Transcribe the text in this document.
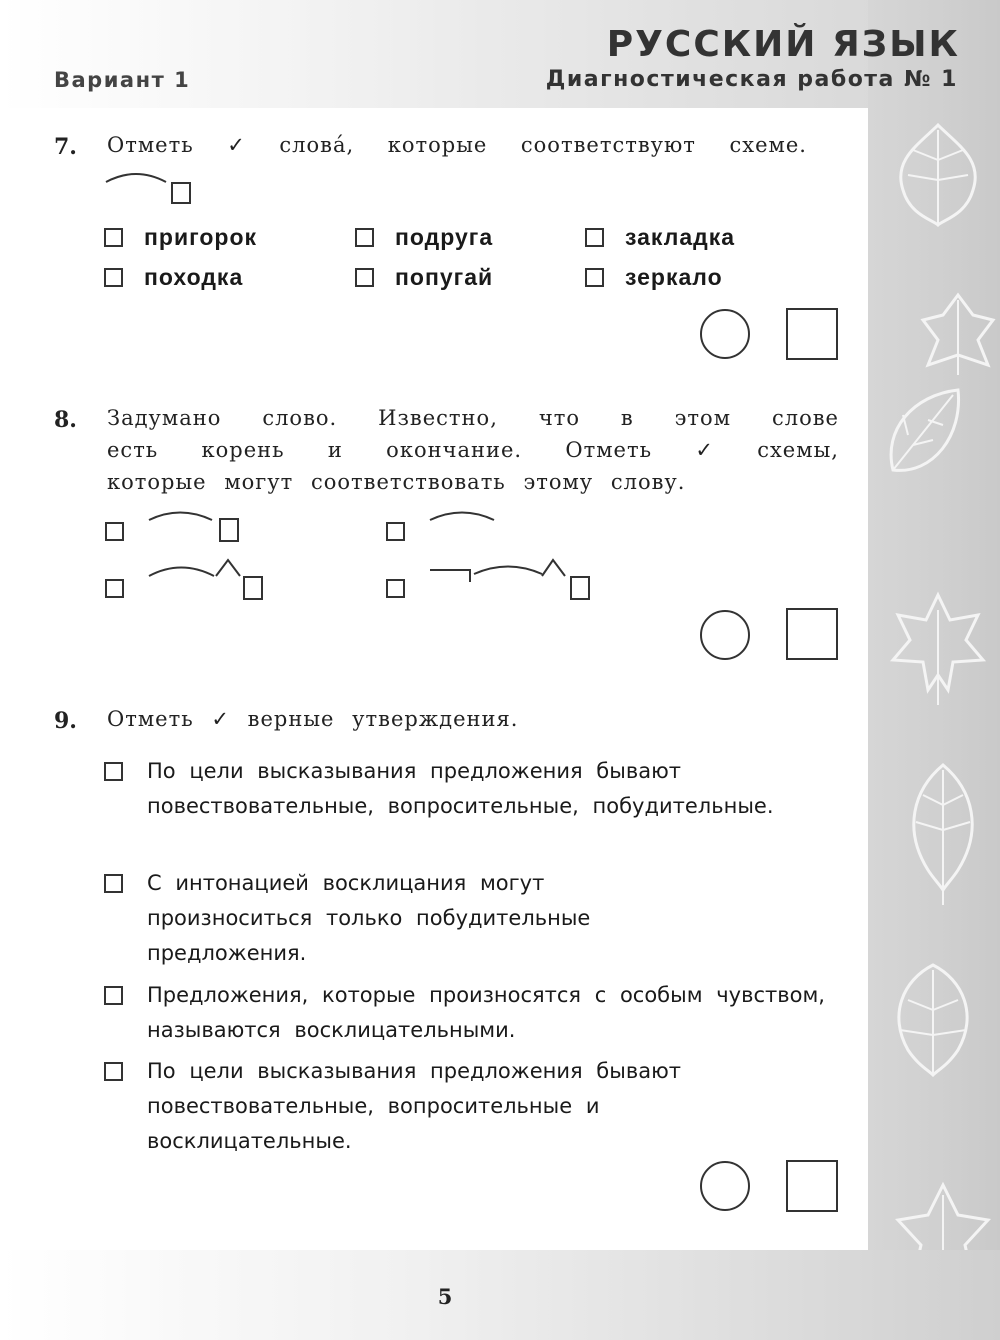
РУССКИЙ ЯЗЫК
Вариант 1	Диагностическая работа № 1
7. Отметь ✓ слова́, которые соответствуют схеме.
пригорок	подруга	закладка
походка	попугай	зеркало
8. Задумано слово. Известно, что в этом слове
есть корень и окончание. Отметь ✓ схемы,
которые могут соответствовать этому слову.
9. Отметь ✓ верные утверждения.
По цели высказывания предложения бывают повествовательные, вопросительные, побудительные.
С интонацией восклицания могут произноситься только побудительные предложения.
Предложения, которые произносятся с особым чувством, называются восклицательными.
По цели высказывания предложения бывают повествовательные, вопросительные и восклицательные.
5
